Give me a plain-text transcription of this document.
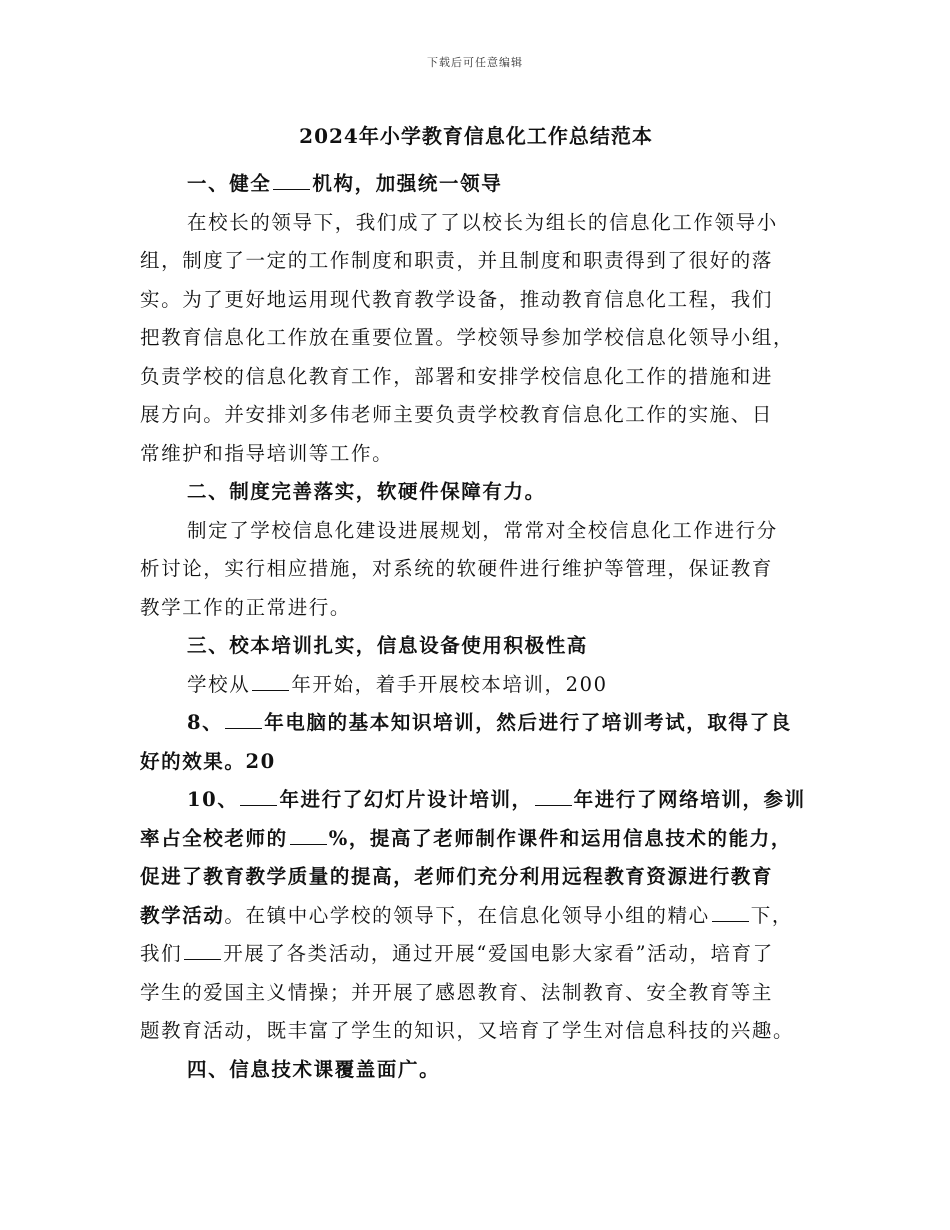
下载后可任意编辑
2024年小学教育信息化工作总结范本
一、健全 机构，加强统一领导
在校长的领导下，我们成了了以校长为组长的信息化工作领导小
组，制度了一定的工作制度和职责，并且制度和职责得到了很好的落
实。为了更好地运用现代教育教学设备，推动教育信息化工程，我们
把教育信息化工作放在重要位置。学校领导参加学校信息化领导小组，
负责学校的信息化教育工作，部署和安排学校信息化工作的措施和进
展方向。并安排刘多伟老师主要负责学校教育信息化工作的实施、日
常维护和指导培训等工作。
二、制度完善落实，软硬件保障有力。
制定了学校信息化建设进展规划，常常对全校信息化工作进行分
析讨论，实行相应措施，对系统的软硬件进行维护等管理，保证教育
教学工作的正常进行。
三、校本培训扎实，信息设备使用积极性高
学校从 年开始，着手开展校本培训，200
8、 年电脑的基本知识培训，然后进行了培训考试，取得了良
好的效果。20
10、 年进行了幻灯片设计培训， 年进行了网络培训，参训
率占全校老师的 %，提高了老师制作课件和运用信息技术的能力，
促进了教育教学质量的提高，老师们充分利用远程教育资源进行教育
教学活动。在镇中心学校的领导下，在信息化领导小组的精心 下，
我们 开展了各类活动，通过开展“爱国电影大家看”活动，培育了
学生的爱国主义情操；并开展了感恩教育、法制教育、安全教育等主
题教育活动，既丰富了学生的知识，又培育了学生对信息科技的兴趣。
四、信息技术课覆盖面广。
